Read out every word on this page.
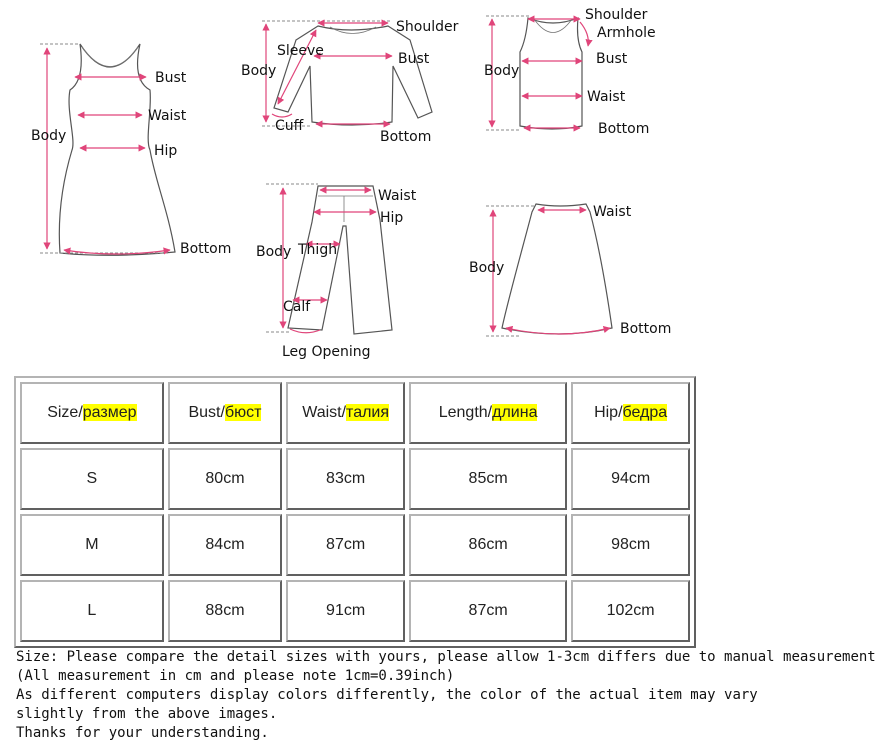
Body
Bust
Waist
Hip
Bottom
Shoulder
Sleeve
Body
Bust
Cuff
Bottom
Shoulder
Armhole
Body
Bust
Waist
Bottom
Waist
Hip
Body Thigh
Calf
Leg Opening
Waist
Body
Bottom
Size/размер	Bust/бюст	Waist/талия	Length/длина	Hip/бедра
S	80cm	83cm	85cm	94cm
M	84cm	87cm	86cm	98cm
L	88cm	91cm	87cm	102cm
Size: Please compare the detail sizes with yours, please allow 1-3cm differs due to manual measurement
(All measurement in cm and please note 1cm=0.39inch)
As different computers display colors differently, the color of the actual item may vary
slightly from the above images.
Thanks for your understanding.
